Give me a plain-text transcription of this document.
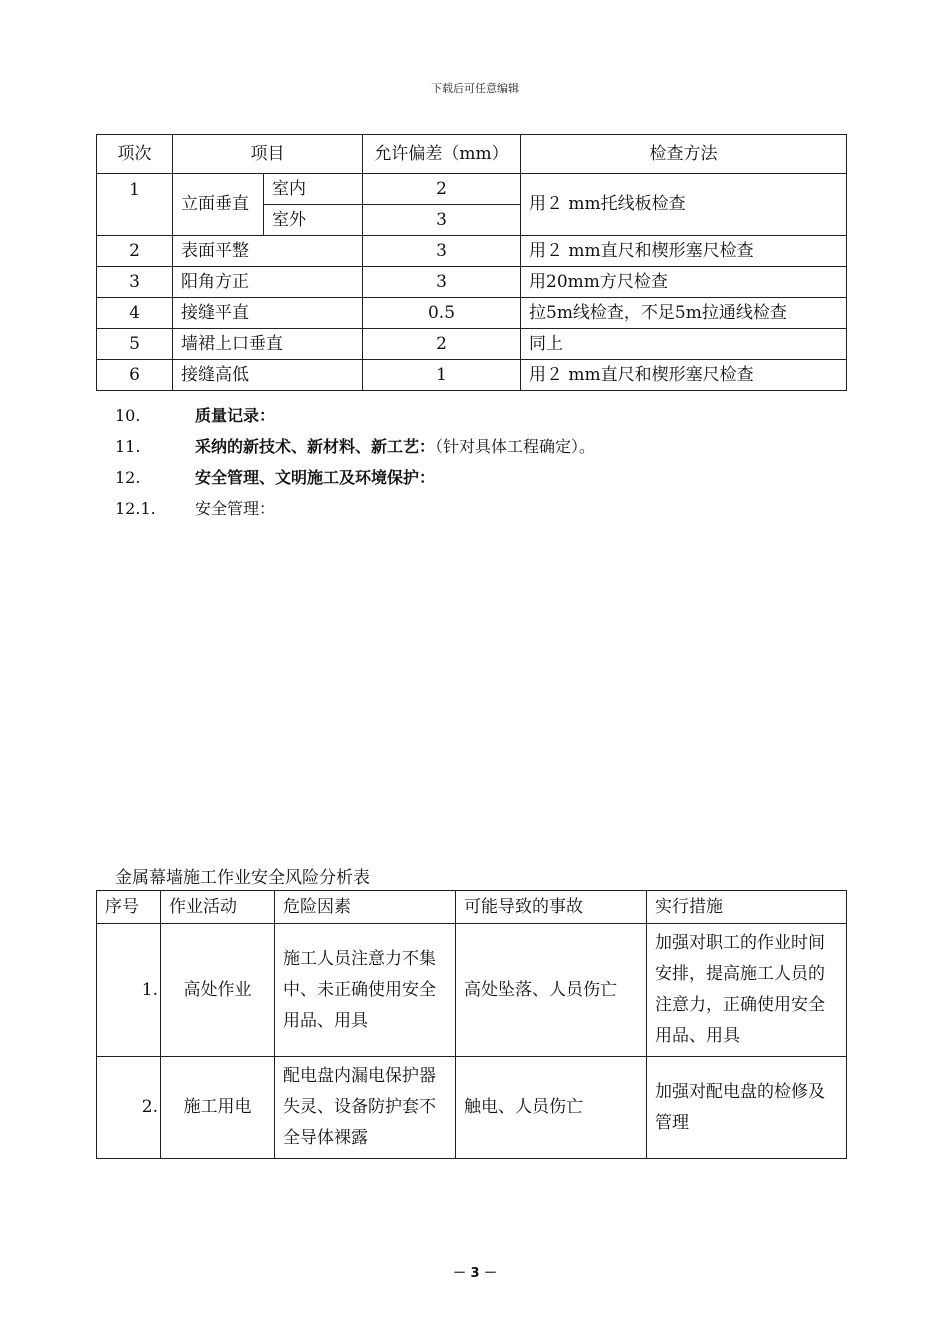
下载后可任意编辑
项次	项目		允许偏差（mm）	检查方法
1	立面垂直	室内	2	用２ mm托线板检查
		室外	3	
2	表面平整		3	用２ mm直尺和楔形塞尺检查
3	阳角方正		3	用20mm方尺检查
4	接缝平直		0.5	拉5m线检查，不足5m拉通线检查
5	墙裙上口垂直		2	同上
6	接缝高低		1	用２ mm直尺和楔形塞尺检查
10.	质量记录：
11.	采纳的新技术、新材料、新工艺：（针对具体工程确定）。
12.	安全管理、文明施工及环境保护：
12.1. 安全管理：
金属幕墙施工作业安全风险分析表
序号	作业活动	危险因素	可能导致的事故	实行措施
1.	高处作业	施工人员注意力不集中、未正确使用安全用品、用具	高处坠落、人员伤亡	加强对职工的作业时间安排，提高施工人员的注意力，正确使用安全用品、用具
2.	施工用电	配电盘内漏电保护器失灵、设备防护套不全导体裸露	触电、人员伤亡	加强对配电盘的检修及管理
－ 3 －
